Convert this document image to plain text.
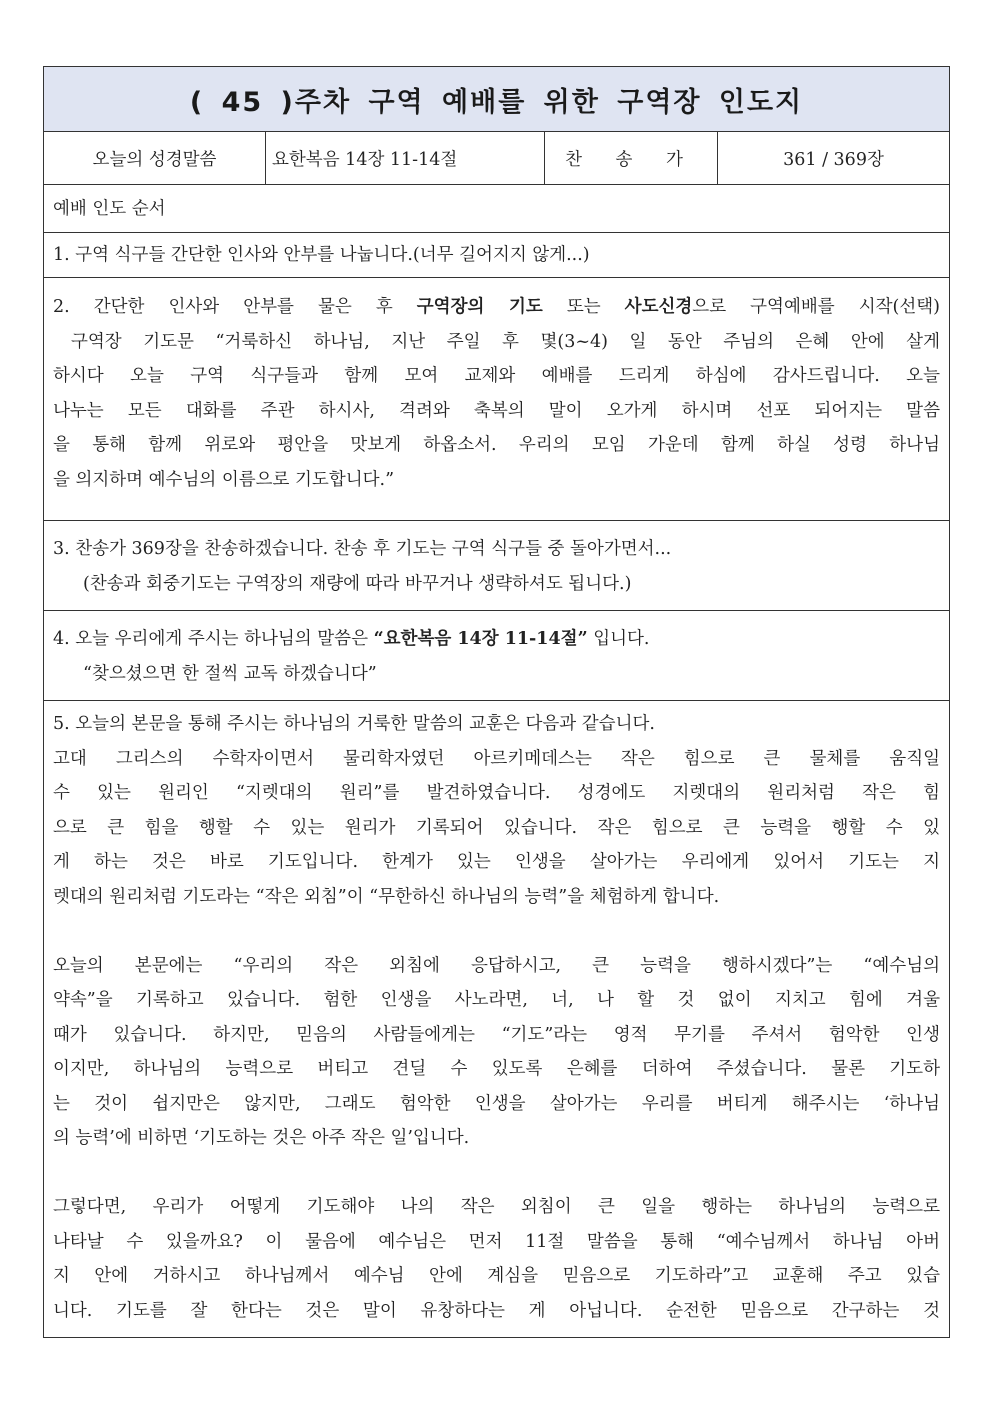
( 45 )주차 구역 예배를 위한 구역장 인도지
오늘의 성경말씀	요한복음 14장 11-14절	찬 송 가	361 / 369장
예배 인도 순서
1. 구역 식구들 간단한 인사와 안부를 나눕니다.(너무 길어지지 않게...)

2. 간단한 인사와 안부를 물은 후 구역장의 기도 또는 사도신경으로 구역예배를 시작(선택)

구역장 기도문 “거룩하신 하나님, 지난 주일 후 몇(3~4) 일 동안 주님의 은혜 안에 살게

하시다 오늘 구역 식구들과 함께 모여 교제와 예배를 드리게 하심에 감사드립니다. 오늘

나누는 모든 대화를 주관 하시사, 격려와 축복의 말이 오가게 하시며 선포 되어지는 말씀

을 통해 함께 위로와 평안을 맛보게 하옵소서. 우리의 모임 가운데 함께 하실 성령 하나님

을 의지하며 예수님의 이름으로 기도합니다.”

3. 찬송가 369장을 찬송하겠습니다. 찬송 후 기도는 구역 식구들 중 돌아가면서...

(찬송과 회중기도는 구역장의 재량에 따라 바꾸거나 생략하셔도 됩니다.)

4. 오늘 우리에게 주시는 하나님의 말씀은 “요한복음 14장 11-14절” 입니다.

“찾으셨으면 한 절씩 교독 하겠습니다”

5. 오늘의 본문을 통해 주시는 하나님의 거룩한 말씀의 교훈은 다음과 같습니다.

고대 그리스의 수학자이면서 물리학자였던 아르키메데스는 작은 힘으로 큰 물체를 움직일

수 있는 원리인 “지렛대의 원리”를 발견하였습니다. 성경에도 지렛대의 원리처럼 작은 힘

으로 큰 힘을 행할 수 있는 원리가 기록되어 있습니다. 작은 힘으로 큰 능력을 행할 수 있

게 하는 것은 바로 기도입니다. 한계가 있는 인생을 살아가는 우리에게 있어서 기도는 지

렛대의 원리처럼 기도라는 “작은 외침”이 “무한하신 하나님의 능력”을 체험하게 합니다.

오늘의 본문에는 “우리의 작은 외침에 응답하시고, 큰 능력을 행하시겠다”는 “예수님의

약속”을 기록하고 있습니다. 험한 인생을 사노라면, 너, 나 할 것 없이 지치고 힘에 겨울

때가 있습니다. 하지만, 믿음의 사람들에게는 “기도”라는 영적 무기를 주셔서 험악한 인생

이지만, 하나님의 능력으로 버티고 견딜 수 있도록 은혜를 더하여 주셨습니다. 물론 기도하

는 것이 쉽지만은 않지만, 그래도 험악한 인생을 살아가는 우리를 버티게 해주시는 ‘하나님

의 능력’에 비하면 ‘기도하는 것은 아주 작은 일’입니다.

그렇다면, 우리가 어떻게 기도해야 나의 작은 외침이 큰 일을 행하는 하나님의 능력으로

나타날 수 있을까요? 이 물음에 예수님은 먼저 11절 말씀을 통해 “예수님께서 하나님 아버

지 안에 거하시고 하나님께서 예수님 안에 계심을 믿음으로 기도하라”고 교훈해 주고 있습

니다. 기도를 잘 한다는 것은 말이 유창하다는 게 아닙니다. 순전한 믿음으로 간구하는 것
